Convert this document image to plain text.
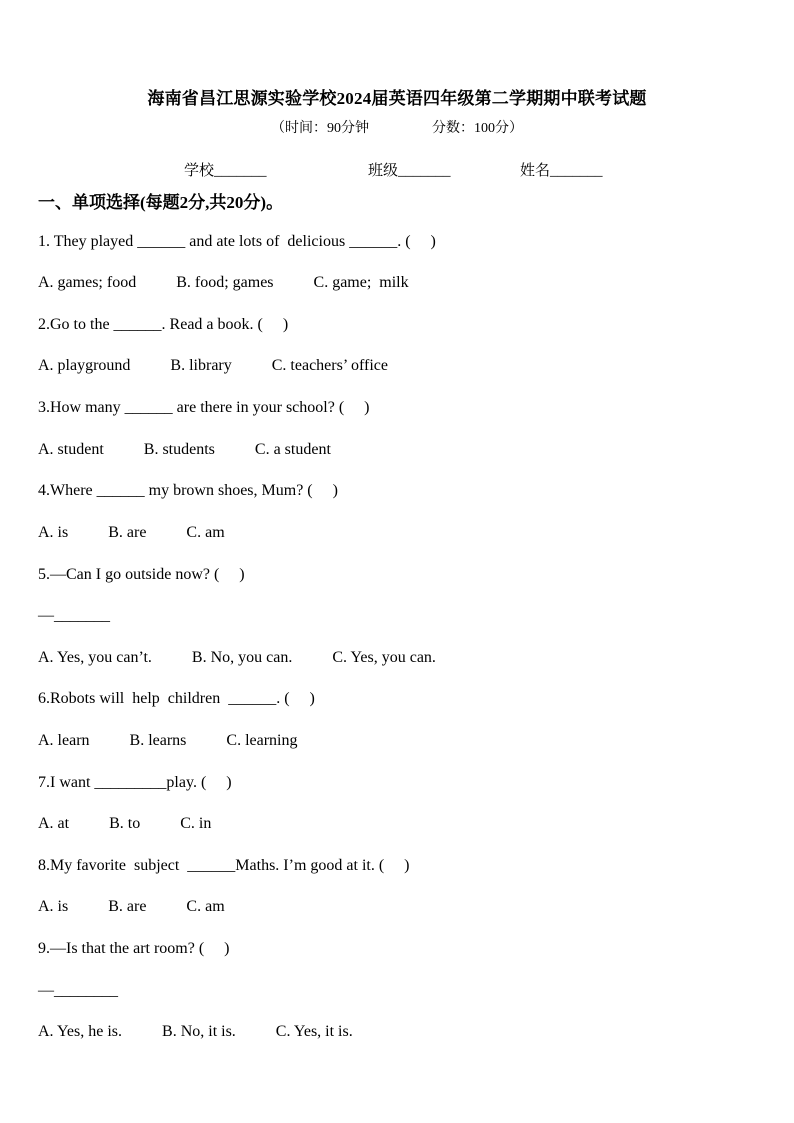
海南省昌江思源实验学校2024届英语四年级第二学期期中联考试题
（时间：90分钟                  分数：100分）
学校_______	班级_______	姓名_______
一、单项选择(每题2分,共20分)。
1. They played ______ and ate lots of  delicious ______. (     )
A. games; food          B. food; games          C. game;  milk
2.Go to the ______. Read a book. (     )
A. playground          B. library          C. teachers’ office
3.How many ______ are there in your school? (     )
A. student          B. students          C. a student
4.Where ______ my brown shoes, Mum? (     )
A. is          B. are          C. am
5.—Can I go outside now? (     )
—_______
A. Yes, you can’t.          B. No, you can.          C. Yes, you can.
6.Robots will  help  children  ______. (     )
A. learn          B. learns          C. learning
7.I want _________play. (     )
A. at          B. to          C. in
8.My favorite  subject  ______Maths. I’m good at it. (     )
A. is          B. are          C. am
9.—Is that the art room? (     )
—________
A. Yes, he is.          B. No, it is.          C. Yes, it is.
